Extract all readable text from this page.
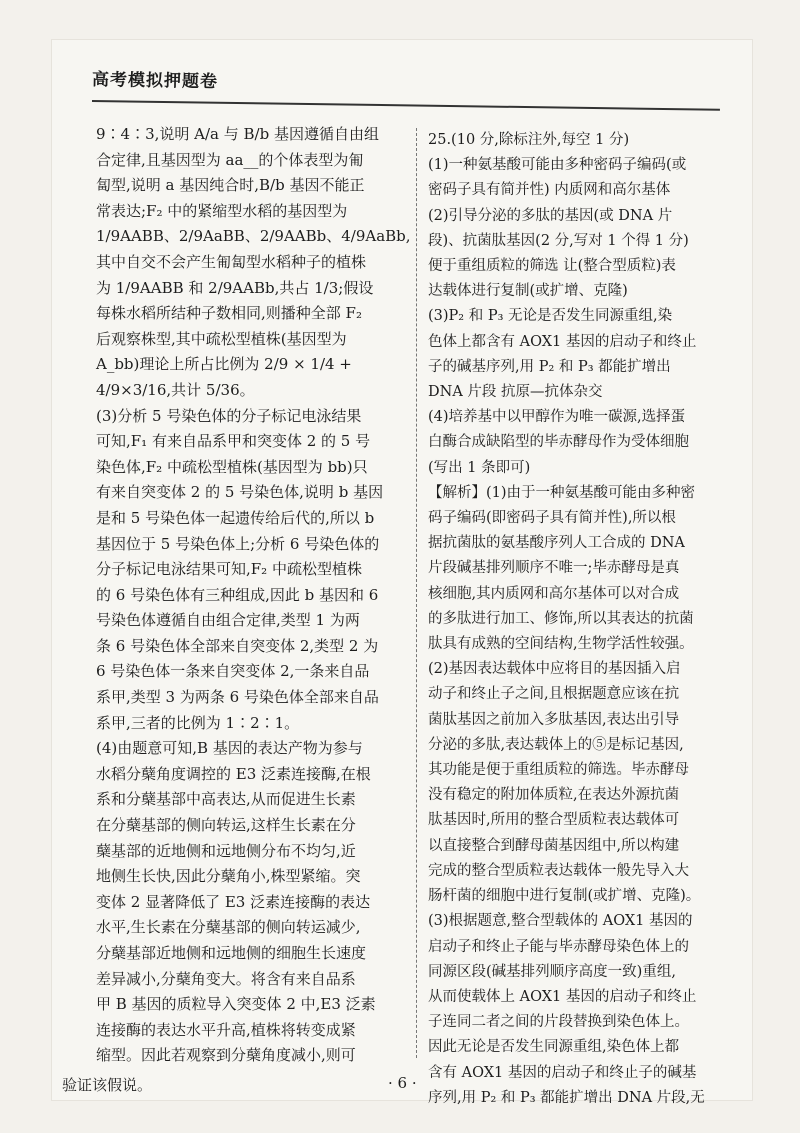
高考模拟押题卷

9∶4∶3,说明 A/a 与 B/b 基因遵循自由组

合定律,且基因型为 aa__的个体表型为匍

匐型,说明 a 基因纯合时,B/b 基因不能正

常表达;F₂ 中的紧缩型水稻的基因型为

1/9AABB、2/9AaBB、2/9AABb、4/9AaBb,

其中自交不会产生匍匐型水稻种子的植株

为 1/9AABB 和 2/9AABb,共占 1/3;假设

每株水稻所结种子数相同,则播种全部 F₂

后观察株型,其中疏松型植株(基因型为

A_bb)理论上所占比例为 2/9 × 1/4 +

4/9×3/16,共计 5/36。

(3)分析 5 号染色体的分子标记电泳结果

可知,F₁ 有来自品系甲和突变体 2 的 5 号

染色体,F₂ 中疏松型植株(基因型为 bb)只

有来自突变体 2 的 5 号染色体,说明 b 基因

是和 5 号染色体一起遗传给后代的,所以 b

基因位于 5 号染色体上;分析 6 号染色体的

分子标记电泳结果可知,F₂ 中疏松型植株

的 6 号染色体有三种组成,因此 b 基因和 6

号染色体遵循自由组合定律,类型 1 为两

条 6 号染色体全部来自突变体 2,类型 2 为

6 号染色体一条来自突变体 2,一条来自品

系甲,类型 3 为两条 6 号染色体全部来自品

系甲,三者的比例为 1∶2∶1。

(4)由题意可知,B 基因的表达产物为参与

水稻分蘖角度调控的 E3 泛素连接酶,在根

系和分蘖基部中高表达,从而促进生长素

在分蘖基部的侧向转运,这样生长素在分

蘖基部的近地侧和远地侧分布不均匀,近

地侧生长快,因此分蘖角小,株型紧缩。突

变体 2 显著降低了 E3 泛素连接酶的表达

水平,生长素在分蘖基部的侧向转运减少,

分蘖基部近地侧和远地侧的细胞生长速度

差异减小,分蘖角变大。将含有来自品系

甲 B 基因的质粒导入突变体 2 中,E3 泛素

连接酶的表达水平升高,植株将转变成紧

缩型。因此若观察到分蘖角度减小,则可

25.(10 分,除标注外,每空 1 分)

(1)一种氨基酸可能由多种密码子编码(或

密码子具有简并性) 内质网和高尔基体

(2)引导分泌的多肽的基因(或 DNA 片

段)、抗菌肽基因(2 分,写对 1 个得 1 分)

便于重组质粒的筛选 让(整合型质粒)表

达载体进行复制(或扩增、克隆)

(3)P₂ 和 P₃ 无论是否发生同源重组,染

色体上都含有 AOX1 基因的启动子和终止

子的碱基序列,用 P₂ 和 P₃ 都能扩增出

DNA 片段 抗原—抗体杂交

(4)培养基中以甲醇作为唯一碳源,选择蛋

白酶合成缺陷型的毕赤酵母作为受体细胞

(写出 1 条即可)

【解析】(1)由于一种氨基酸可能由多种密

码子编码(即密码子具有简并性),所以根

据抗菌肽的氨基酸序列人工合成的 DNA

片段碱基排列顺序不唯一;毕赤酵母是真

核细胞,其内质网和高尔基体可以对合成

的多肽进行加工、修饰,所以其表达的抗菌

肽具有成熟的空间结构,生物学活性较强。

(2)基因表达载体中应将目的基因插入启

动子和终止子之间,且根据题意应该在抗

菌肽基因之前加入多肽基因,表达出引导

分泌的多肽,表达载体上的⑤是标记基因,

其功能是便于重组质粒的筛选。毕赤酵母

没有稳定的附加体质粒,在表达外源抗菌

肽基因时,所用的整合型质粒表达载体可

以直接整合到酵母菌基因组中,所以构建

完成的整合型质粒表达载体一般先导入大

肠杆菌的细胞中进行复制(或扩增、克隆)。

(3)根据题意,整合型载体的 AOX1 基因的

启动子和终止子能与毕赤酵母染色体上的

同源区段(碱基排列顺序高度一致)重组,

从而使载体上 AOX1 基因的启动子和终止

子连同二者之间的片段替换到染色体上。

因此无论是否发生同源重组,染色体上都

含有 AOX1 基因的启动子和终止子的碱基

序列,用 P₂ 和 P₃ 都能扩增出 DNA 片段,无

验证该假说。	· 6 ·
